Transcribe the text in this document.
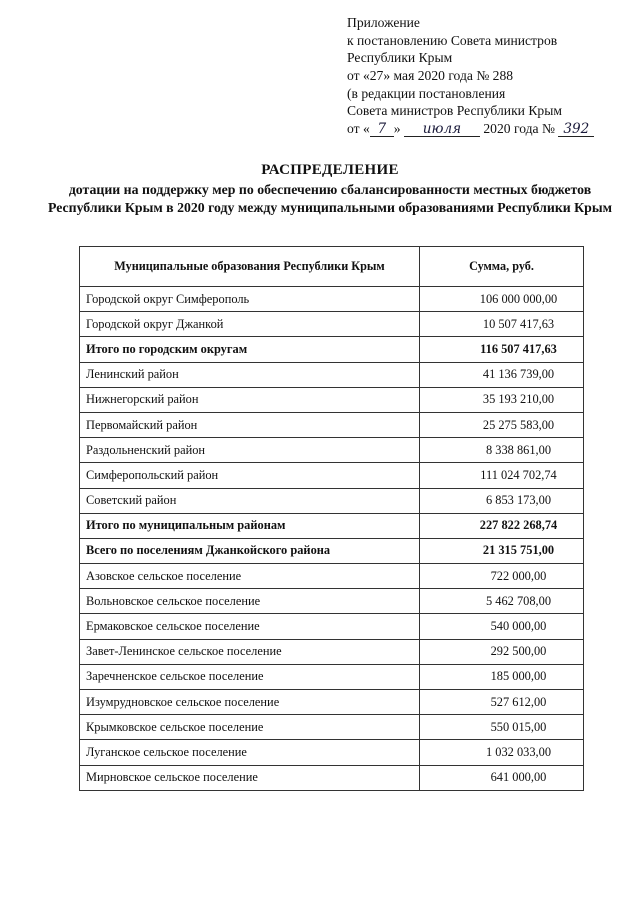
Приложение
к постановлению Совета министров
Республики Крым
от «27» мая 2020 года № 288
(в редакции постановления
Совета министров Республики Крым
от « 7 » июля 2020 года № 392
РАСПРЕДЕЛЕНИЕ
дотации на поддержку мер по обеспечению сбалансированности местных бюджетов Республики Крым в 2020 году между муниципальными образованиями Республики Крым
Муниципальные образования Республики Крым	Сумма, руб.
Городской округ Симферополь	106 000 000,00
Городской округ Джанкой	10 507 417,63
Итого по городским округам	116 507 417,63
Ленинский район	41 136 739,00
Нижнегорский район	35 193 210,00
Первомайский район	25 275 583,00
Раздольненский район	8 338 861,00
Симферопольский район	111 024 702,74
Советский район	6 853 173,00
Итого по муниципальным районам	227 822 268,74
Всего по поселениям Джанкойского района	21 315 751,00
Азовское сельское поселение	722 000,00
Вольновское сельское поселение	5 462 708,00
Ермаковское сельское поселение	540 000,00
Завет-Ленинское сельское поселение	292 500,00
Заречненское сельское поселение	185 000,00
Изумрудновское сельское поселение	527 612,00
Крымковское сельское поселение	550 015,00
Луганское сельское поселение	1 032 033,00
Мирновское сельское поселение	641 000,00
